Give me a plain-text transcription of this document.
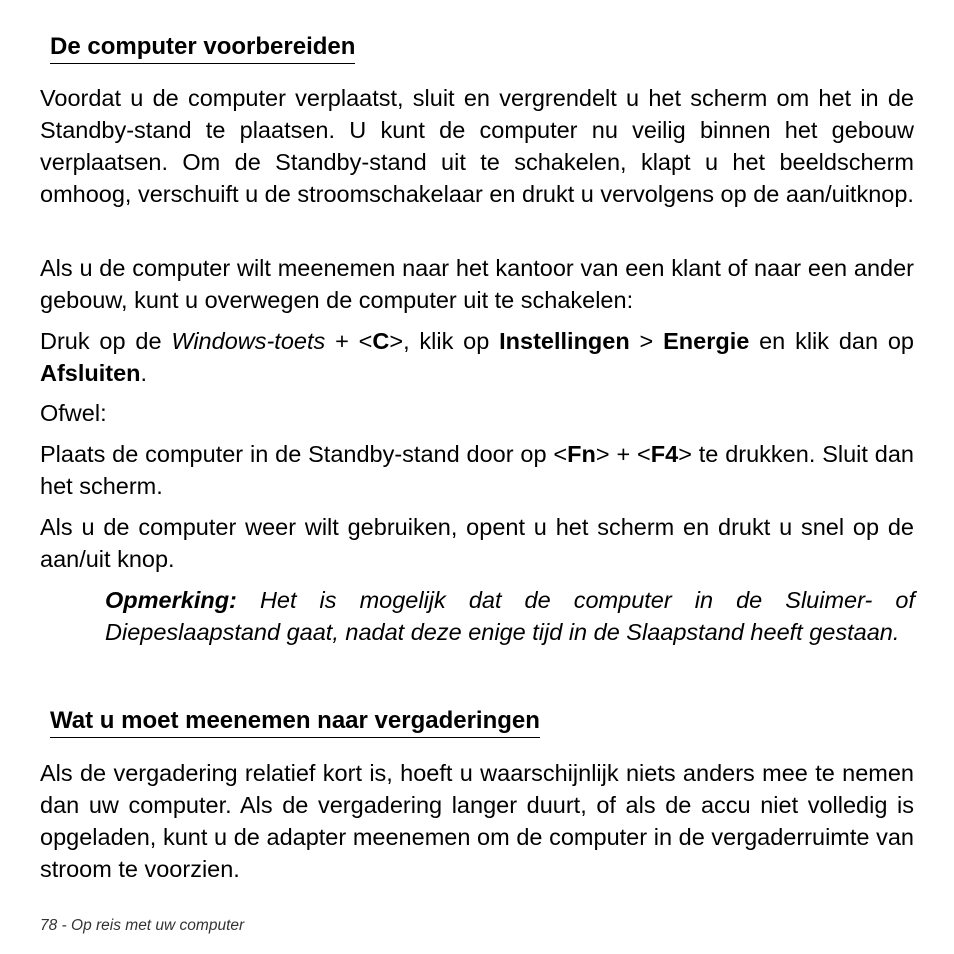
De computer voorbereiden

Voordat u de computer verplaatst, sluit en vergrendelt u het scherm om het in de Standby-stand te plaatsen. U kunt de computer nu veilig binnen het gebouw verplaatsen. Om de Standby-stand uit te schakelen, klapt u het beeldscherm omhoog, verschuift u de stroomschakelaar en drukt u vervolgens op de aan/uitknop.

Als u de computer wilt meenemen naar het kantoor van een klant of naar een ander gebouw, kunt u overwegen de computer uit te schakelen:

Druk op de Windows-toets + <C>, klik op Instellingen > Energie en klik dan op Afsluiten.

Ofwel:

Plaats de computer in de Standby-stand door op <Fn> + <F4> te drukken. Sluit dan het scherm.

Als u de computer weer wilt gebruiken, opent u het scherm en drukt u snel op de aan/uit knop.

Opmerking: Het is mogelijk dat de computer in de Sluimer- of Diepeslaapstand gaat, nadat deze enige tijd in de Slaapstand heeft gestaan.

Wat u moet meenemen naar vergaderingen

Als de vergadering relatief kort is, hoeft u waarschijnlijk niets anders mee te nemen dan uw computer. Als de vergadering langer duurt, of als de accu niet volledig is opgeladen, kunt u de adapter meenemen om de computer in de vergaderruimte van stroom te voorzien.

78 - Op reis met uw computer
